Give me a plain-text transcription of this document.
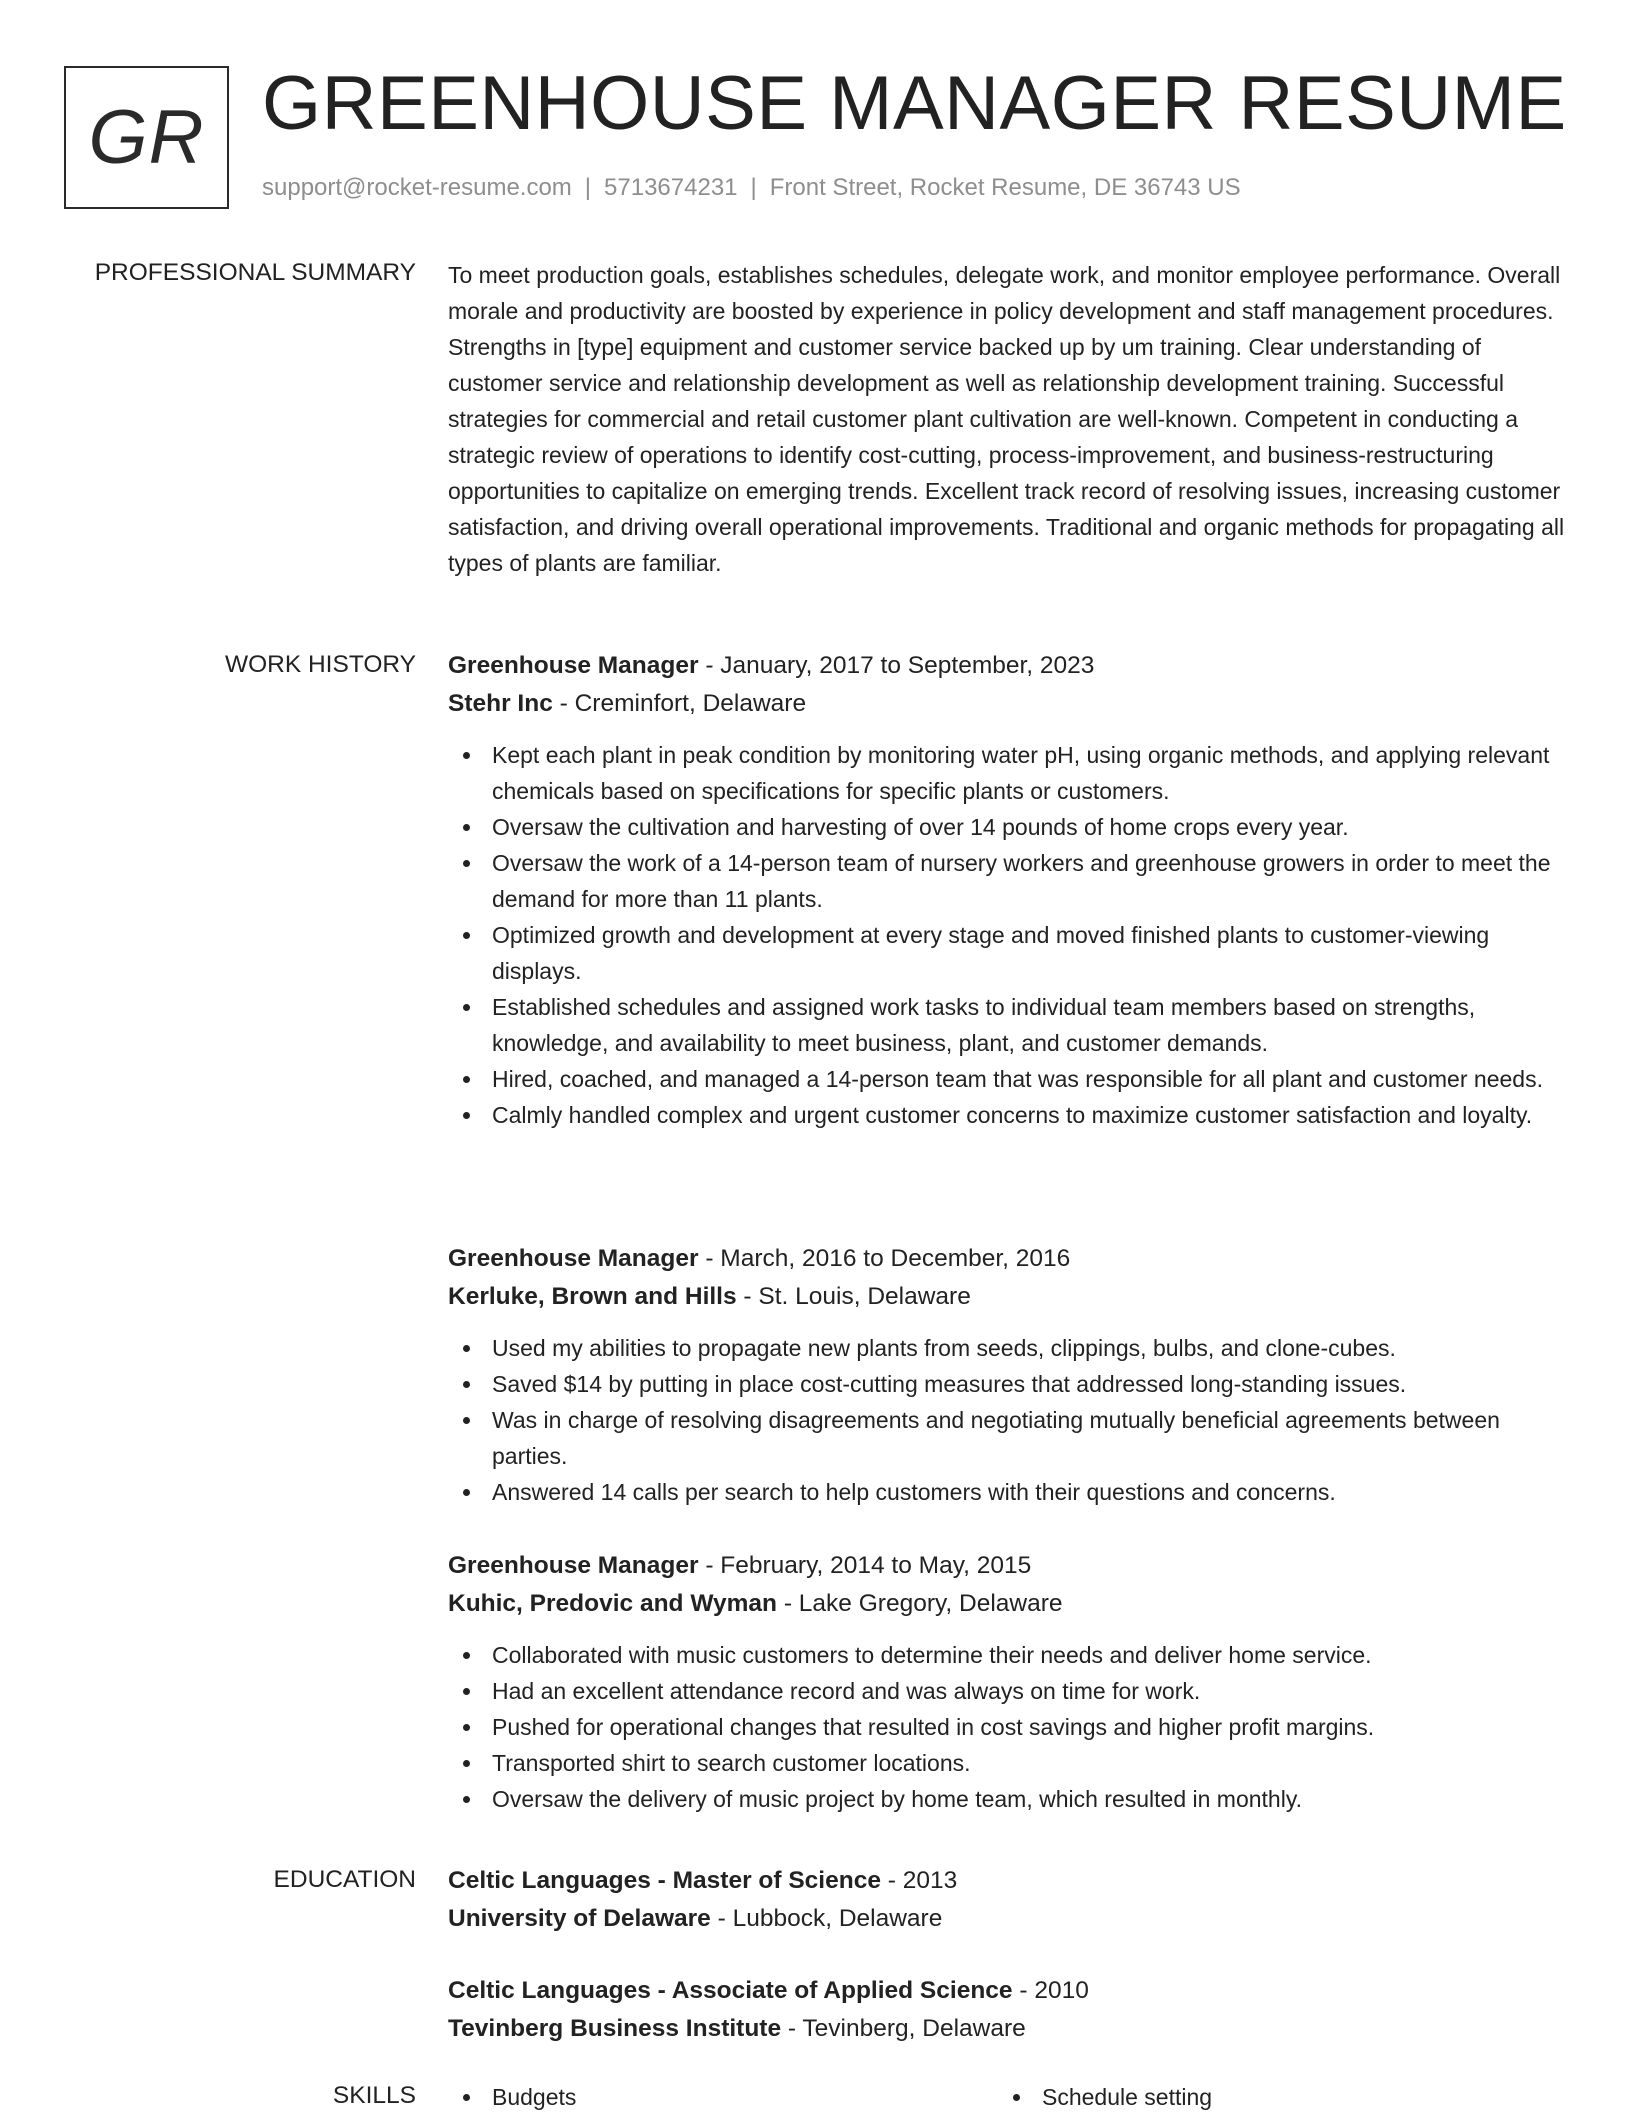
GR GREENHOUSE MANAGER RESUME
support@rocket-resume.com | 5713674231 | Front Street, Rocket Resume, DE 36743 US
PROFESSIONAL SUMMARY To meet production goals, establishes schedules, delegate work, and monitor employee performance. Overall morale and productivity are boosted by experience in policy development and staff management procedures. Strengths in [type] equipment and customer service backed up by um training. Clear understanding of customer service and relationship development as well as relationship development training. Successful strategies for commercial and retail customer plant cultivation are well-known. Competent in conducting a strategic review of operations to identify cost-cutting, process-improvement, and business-restructuring opportunities to capitalize on emerging trends. Excellent track record of resolving issues, increasing customer satisfaction, and driving overall operational improvements. Traditional and organic methods for propagating all types of plants are familiar.
WORK HISTORY Greenhouse Manager - January, 2017 to September, 2023
Stehr Inc - Creminfort, Delaware
Kept each plant in peak condition by monitoring water pH, using organic methods, and applying relevant chemicals based on specifications for specific plants or customers.
Oversaw the cultivation and harvesting of over 14 pounds of home crops every year.
Oversaw the work of a 14-person team of nursery workers and greenhouse growers in order to meet the demand for more than 11 plants.
Optimized growth and development at every stage and moved finished plants to customer-viewing displays.
Established schedules and assigned work tasks to individual team members based on strengths, knowledge, and availability to meet business, plant, and customer demands.
Hired, coached, and managed a 14-person team that was responsible for all plant and customer needs.
Calmly handled complex and urgent customer concerns to maximize customer satisfaction and loyalty.
Greenhouse Manager - March, 2016 to December, 2016
Kerluke, Brown and Hills - St. Louis, Delaware
Used my abilities to propagate new plants from seeds, clippings, bulbs, and clone-cubes.
Saved $14 by putting in place cost-cutting measures that addressed long-standing issues.
Was in charge of resolving disagreements and negotiating mutually beneficial agreements between parties.
Answered 14 calls per search to help customers with their questions and concerns.
Greenhouse Manager - February, 2014 to May, 2015
Kuhic, Predovic and Wyman - Lake Gregory, Delaware
Collaborated with music customers to determine their needs and deliver home service.
Had an excellent attendance record and was always on time for work.
Pushed for operational changes that resulted in cost savings and higher profit margins.
Transported shirt to search customer locations.
Oversaw the delivery of music project by home team, which resulted in monthly.
EDUCATION Celtic Languages - Master of Science - 2013
University of Delaware - Lubbock, Delaware
Celtic Languages - Associate of Applied Science - 2010
Tevinberg Business Institute - Tevinberg, Delaware
SKILLS	Budgets	Schedule setting
